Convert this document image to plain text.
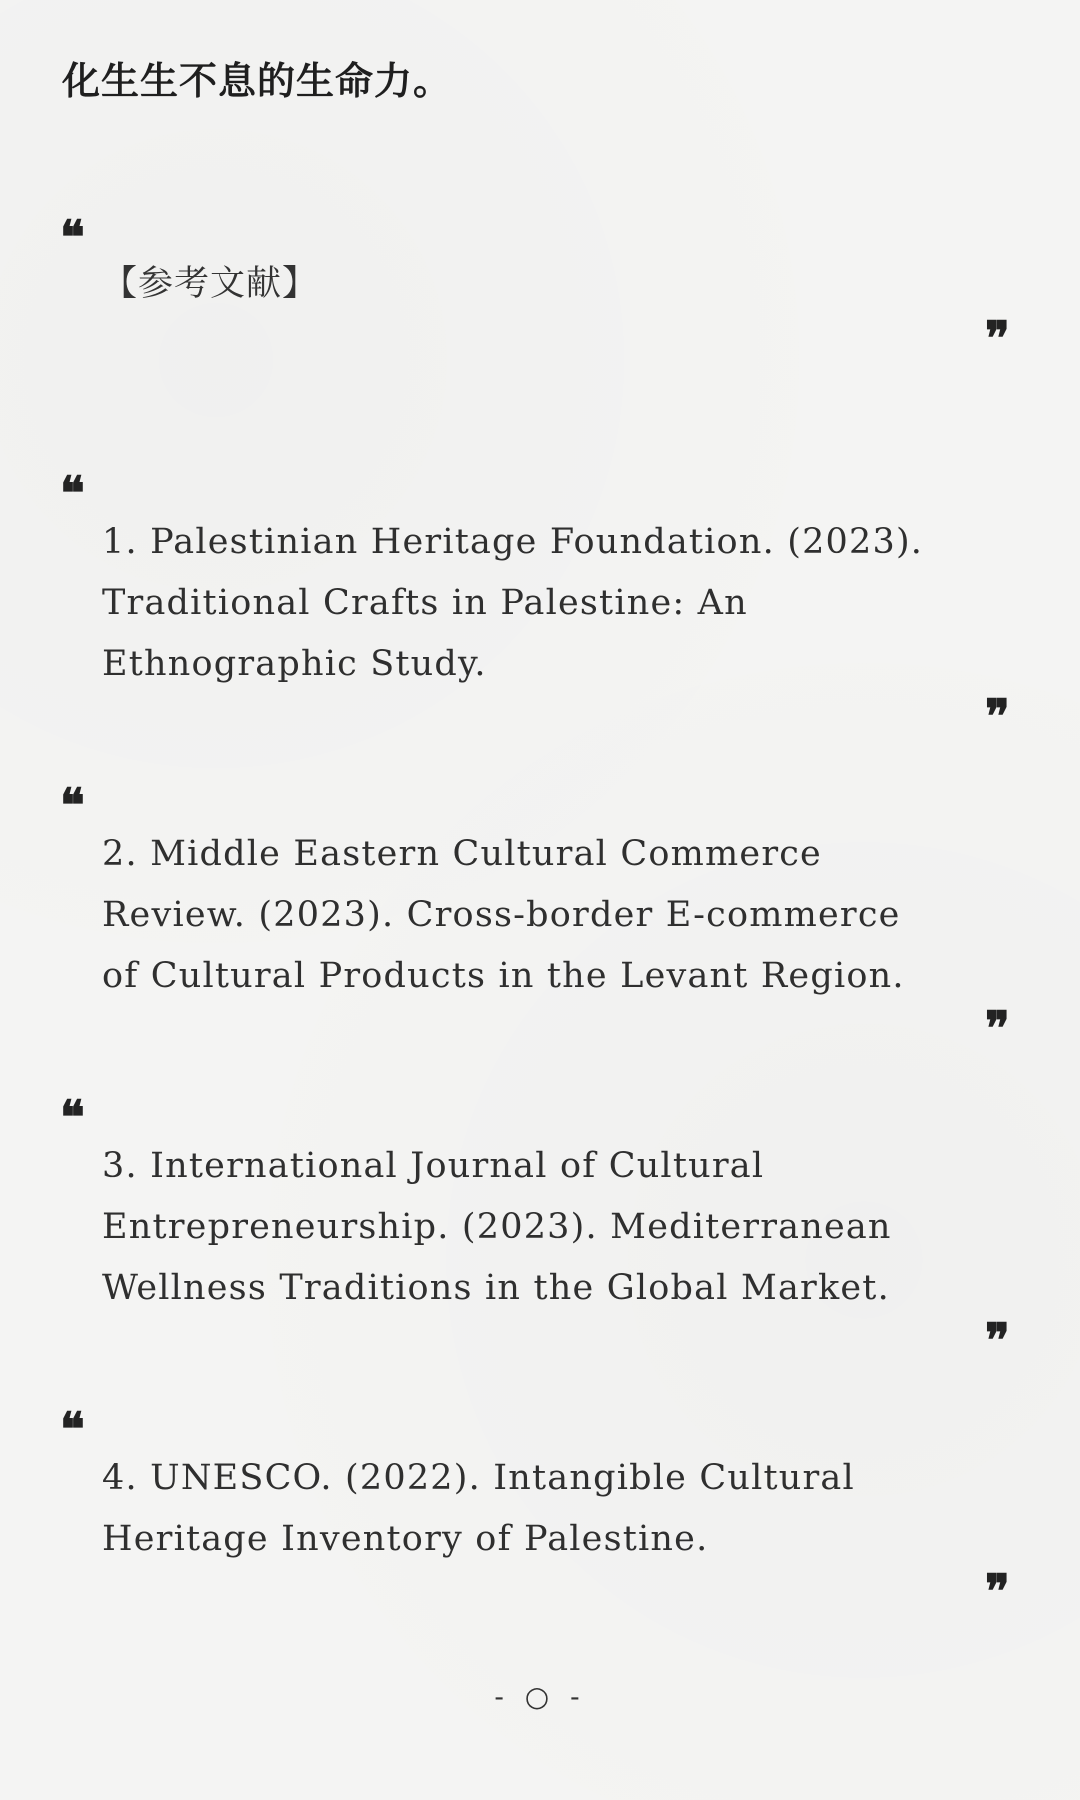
化生生不息的生命力。
❝
【参考文献】
❞
❝
1. Palestinian Heritage Foundation. (2023). Traditional Crafts in Palestine: An Ethnographic Study.
❞
❝
2. Middle Eastern Cultural Commerce Review. (2023). Cross-border E-commerce of Cultural Products in the Levant Region.
❞
❝
3. International Journal of Cultural Entrepreneurship. (2023). Mediterranean Wellness Traditions in the Global Market.
❞
❝
4. UNESCO. (2022). Intangible Cultural Heritage Inventory of Palestine.
❞
- ○ -
